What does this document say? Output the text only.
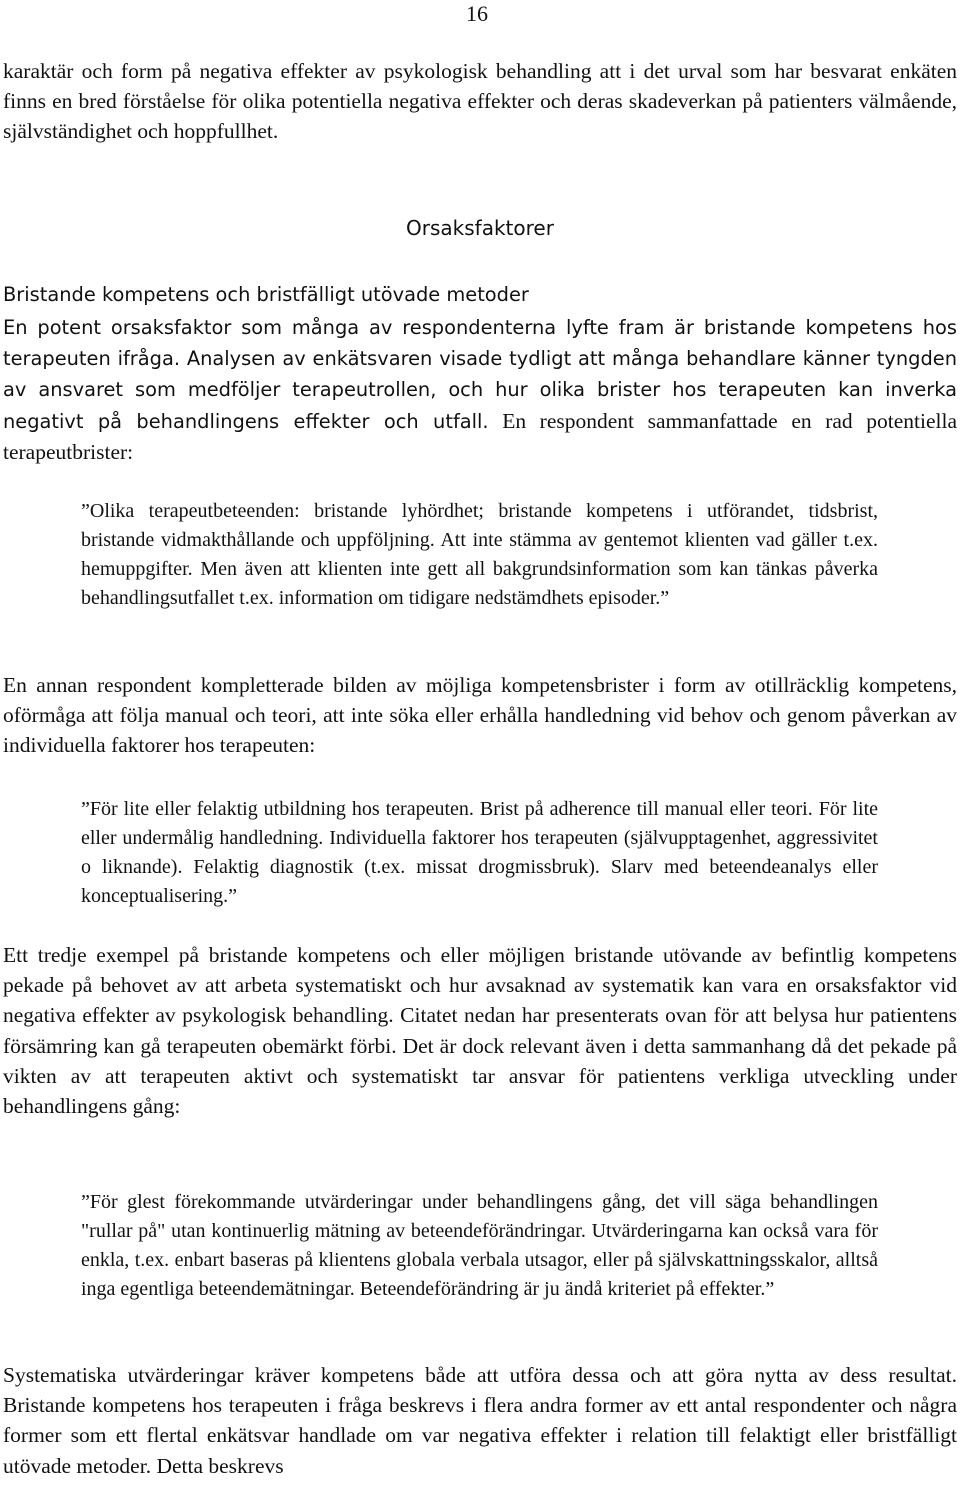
16

karaktär och form på negativa effekter av psykologisk behandling att i det urval som har besvarat enkäten finns en bred förståelse för olika potentiella negativa effekter och deras skadeverkan på patienters välmående, självständighet och hoppfullhet.

Orsaksfaktorer
Bristande kompetens och bristfälligt utövade metoder

En potent orsaksfaktor som många av respondenterna lyfte fram är bristande kompetens hos terapeuten ifråga. Analysen av enkätsvaren visade tydligt att många behandlare känner tyngden av ansvaret som medföljer terapeutrollen, och hur olika brister hos terapeuten kan inverka negativt på behandlingens effekter och utfall. En respondent sammanfattade en rad potentiella terapeutbrister:

”Olika terapeutbeteenden: bristande lyhördhet; bristande kompetens i utförandet, tidsbrist, bristande vidmakthållande och uppföljning. Att inte stämma av gentemot klienten vad gäller t.ex. hemuppgifter. Men även att klienten inte gett all bakgrundsinformation som kan tänkas påverka behandlingsutfallet t.ex. information om tidigare nedstämdhets episoder.”

En annan respondent kompletterade bilden av möjliga kompetensbrister i form av otillräcklig kompetens, oförmåga att följa manual och teori, att inte söka eller erhålla handledning vid behov och genom påverkan av individuella faktorer hos terapeuten:

”För lite eller felaktig utbildning hos terapeuten. Brist på adherence till manual eller teori. För lite eller undermålig handledning. Individuella faktorer hos terapeuten (självupptagenhet, aggressivitet o liknande). Felaktig diagnostik (t.ex. missat drogmissbruk). Slarv med beteendeanalys eller konceptualisering.”

Ett tredje exempel på bristande kompetens och eller möjligen bristande utövande av befintlig kompetens pekade på behovet av att arbeta systematiskt och hur avsaknad av systematik kan vara en orsaksfaktor vid negativa effekter av psykologisk behandling. Citatet nedan har presenterats ovan för att belysa hur patientens försämring kan gå terapeuten obemärkt förbi. Det är dock relevant även i detta sammanhang då det pekade på vikten av att terapeuten aktivt och systematiskt tar ansvar för patientens verkliga utveckling under behandlingens gång:

”För glest förekommande utvärderingar under behandlingens gång, det vill säga behandlingen "rullar på" utan kontinuerlig mätning av beteendeförändringar. Utvärderingarna kan också vara för enkla, t.ex. enbart baseras på klientens globala verbala utsagor, eller på självskattningsskalor, alltså inga egentliga beteendemätningar. Beteendeförändring är ju ändå kriteriet på effekter.”

Systematiska utvärderingar kräver kompetens både att utföra dessa och att göra nytta av dess resultat. Bristande kompetens hos terapeuten i fråga beskrevs i flera andra former av ett antal respondenter och några former som ett flertal enkätsvar handlade om var negativa effekter i relation till felaktigt eller bristfälligt utövade metoder. Detta beskrevs
